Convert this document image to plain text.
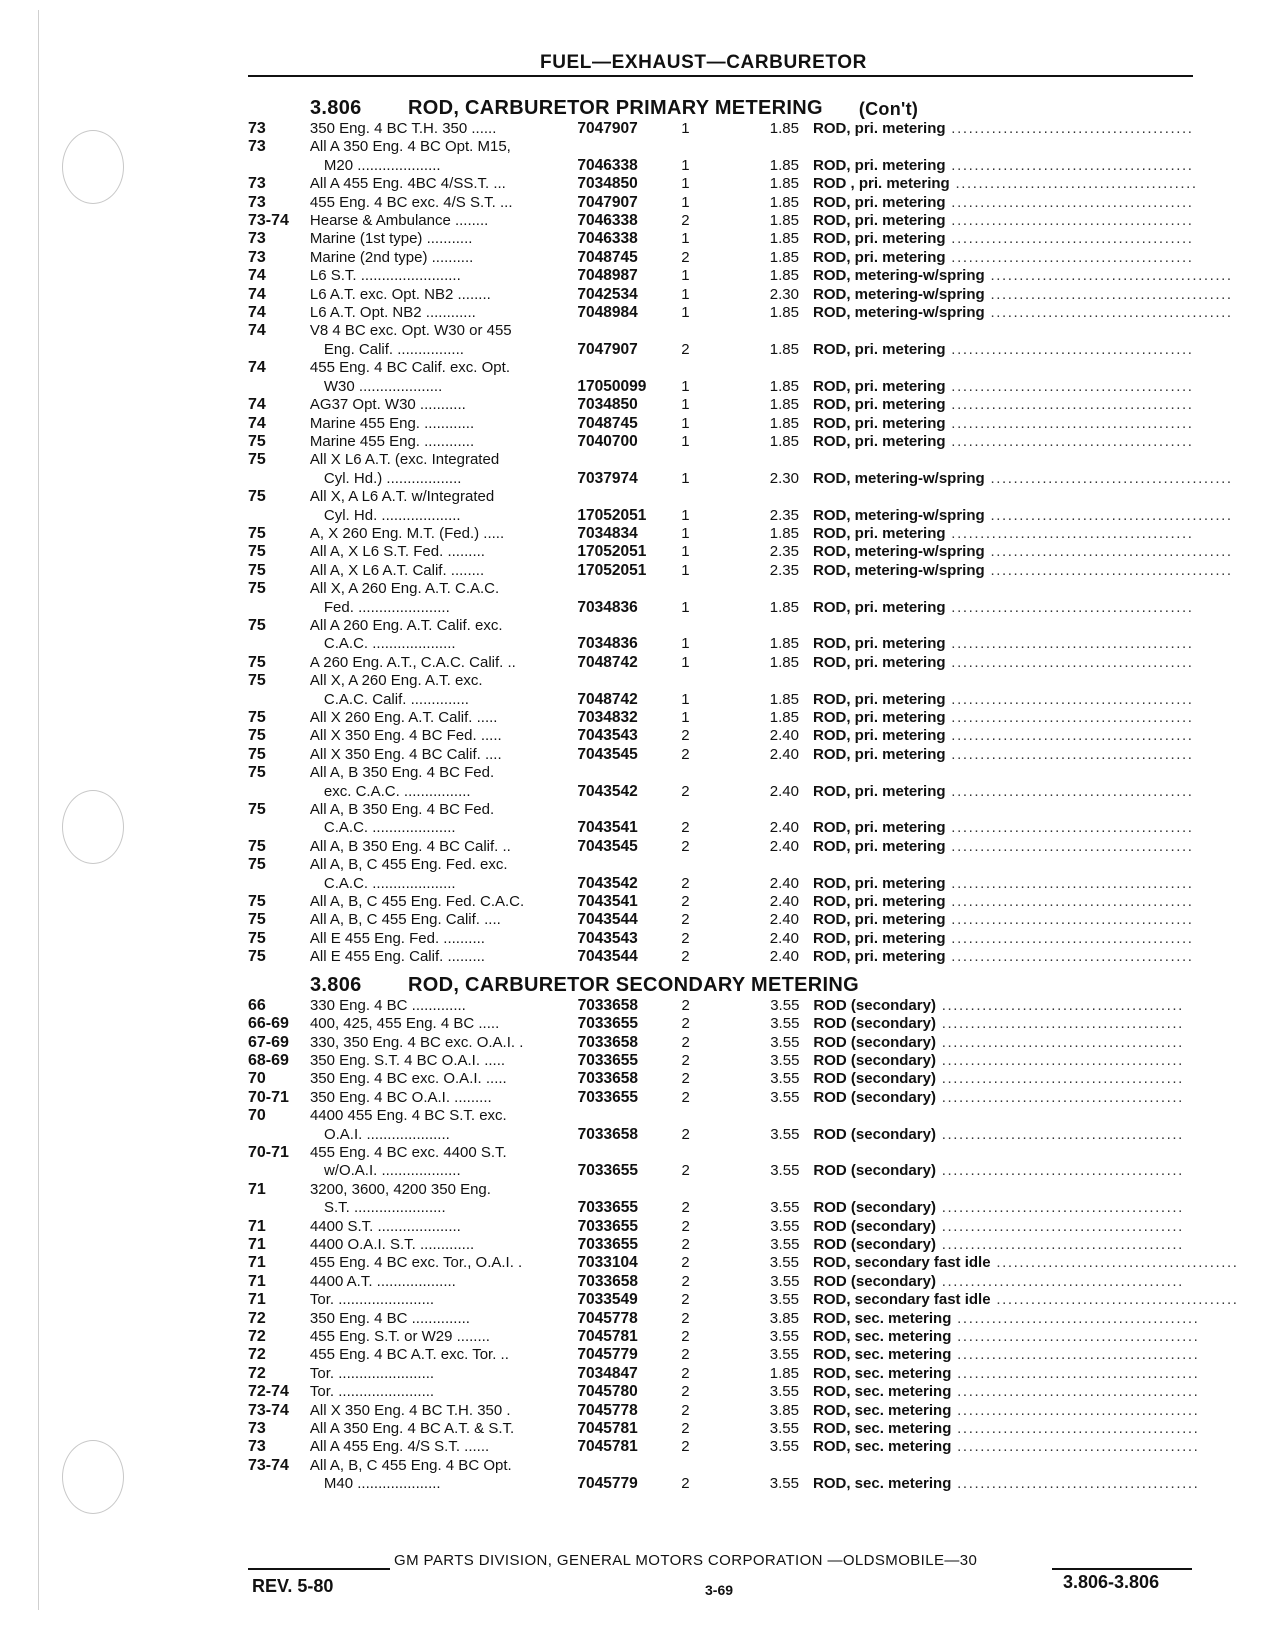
FUEL—EXHAUST—CARBURETOR
3.806	ROD, CARBURETOR PRIMARY METERING (Con't)
73	350 Eng. 4 BC T.H. 350 ......	7047907	1	1.85 ROD, pri. metering ..........................................
73	All A 350 Eng. 4 BC Opt. M15,
M20 ....................	7046338	1	1.85 ROD, pri. metering ..........................................
73	All A 455 Eng. 4BC 4/SS.T. ...	7034850	1	1.85 ROD , pri. metering ..........................................
73	455 Eng. 4 BC exc. 4/S S.T. ...	7047907	1	1.85 ROD, pri. metering ..........................................
73-74	Hearse & Ambulance ........	7046338	2	1.85 ROD, pri. metering ..........................................
73	Marine (1st type) ...........	7046338	1	1.85 ROD, pri. metering ..........................................
73	Marine (2nd type) ..........	7048745	2	1.85 ROD, pri. metering ..........................................
74	L6 S.T. ........................	7048987	1	1.85 ROD, metering-w/spring ..........................................
74	L6 A.T. exc. Opt. NB2 ........	7042534	1	2.30 ROD, metering-w/spring ..........................................
74	L6 A.T. Opt. NB2 ............	7048984	1	1.85 ROD, metering-w/spring ..........................................
74	V8 4 BC exc. Opt. W30 or 455
Eng. Calif. ................	7047907	2	1.85 ROD, pri. metering ..........................................
74	455 Eng. 4 BC Calif. exc. Opt.
W30 ....................	17050099	1	1.85 ROD, pri. metering ..........................................
74	AG37 Opt. W30 ...........	7034850	1	1.85 ROD, pri. metering ..........................................
74	Marine 455 Eng. ............	7048745	1	1.85 ROD, pri. metering ..........................................
75	Marine 455 Eng. ............	7040700	1	1.85 ROD, pri. metering ..........................................
75	All X L6 A.T. (exc. Integrated
Cyl. Hd.) ..................	7037974	1	2.30 ROD, metering-w/spring ..........................................
75	All X, A L6 A.T. w/Integrated
Cyl. Hd. ...................	17052051	1	2.35 ROD, metering-w/spring ..........................................
75	A, X 260 Eng. M.T. (Fed.) .....	7034834	1	1.85 ROD, pri. metering ..........................................
75	All A, X L6 S.T. Fed. .........	17052051	1	2.35 ROD, metering-w/spring ..........................................
75	All A, X L6 A.T. Calif. ........	17052051	1	2.35 ROD, metering-w/spring ..........................................
75	All X, A 260 Eng. A.T. C.A.C.
Fed. ......................	7034836	1	1.85 ROD, pri. metering ..........................................
75	All A 260 Eng. A.T. Calif. exc.
C.A.C. ....................	7034836	1	1.85 ROD, pri. metering ..........................................
75	A 260 Eng. A.T., C.A.C. Calif. ..	7048742	1	1.85 ROD, pri. metering ..........................................
75	All X, A 260 Eng. A.T. exc.
C.A.C. Calif. ..............	7048742	1	1.85 ROD, pri. metering ..........................................
75	All X 260 Eng. A.T. Calif. .....	7034832	1	1.85 ROD, pri. metering ..........................................
75	All X 350 Eng. 4 BC Fed. .....	7043543	2	2.40 ROD, pri. metering ..........................................
75	All X 350 Eng. 4 BC Calif. ....	7043545	2	2.40 ROD, pri. metering ..........................................
75	All A, B 350 Eng. 4 BC Fed.
exc. C.A.C. ................	7043542	2	2.40 ROD, pri. metering ..........................................
75	All A, B 350 Eng. 4 BC Fed.
C.A.C. ....................	7043541	2	2.40 ROD, pri. metering ..........................................
75	All A, B 350 Eng. 4 BC Calif. ..	7043545	2	2.40 ROD, pri. metering ..........................................
75	All A, B, C 455 Eng. Fed. exc.
C.A.C. ....................	7043542	2	2.40 ROD, pri. metering ..........................................
75	All A, B, C 455 Eng. Fed. C.A.C.	7043541	2	2.40 ROD, pri. metering ..........................................
75	All A, B, C 455 Eng. Calif. ....	7043544	2	2.40 ROD, pri. metering ..........................................
75	All E 455 Eng. Fed. ..........	7043543	2	2.40 ROD, pri. metering ..........................................
75	All E 455 Eng. Calif. .........	7043544	2	2.40 ROD, pri. metering ..........................................
3.806	ROD, CARBURETOR SECONDARY METERING
66	330 Eng. 4 BC .............	7033658	2	3.55 ROD (secondary) ..........................................
66-69	400, 425, 455 Eng. 4 BC .....	7033655	2	3.55 ROD (secondary) ..........................................
67-69	330, 350 Eng. 4 BC exc. O.A.I. .	7033658	2	3.55 ROD (secondary) ..........................................
68-69	350 Eng. S.T. 4 BC O.A.I. .....	7033655	2	3.55 ROD (secondary) ..........................................
70	350 Eng. 4 BC exc. O.A.I. .....	7033658	2	3.55 ROD (secondary) ..........................................
70-71	350 Eng. 4 BC O.A.I. .........	7033655	2	3.55 ROD (secondary) ..........................................
70	4400 455 Eng. 4 BC S.T. exc.
O.A.I. ....................	7033658	2	3.55 ROD (secondary) ..........................................
70-71	455 Eng. 4 BC exc. 4400 S.T.
w/O.A.I. ...................	7033655	2	3.55 ROD (secondary) ..........................................
71	3200, 3600, 4200 350 Eng.
S.T. ......................	7033655	2	3.55 ROD (secondary) ..........................................
71	4400 S.T. ....................	7033655	2	3.55 ROD (secondary) ..........................................
71	4400 O.A.I. S.T. .............	7033655	2	3.55 ROD (secondary) ..........................................
71	455 Eng. 4 BC exc. Tor., O.A.I. .	7033104	2	3.55 ROD, secondary fast idle ..........................................
71	4400 A.T. ...................	7033658	2	3.55 ROD (secondary) ..........................................
71	Tor. .......................	7033549	2	3.55 ROD, secondary fast idle ..........................................
72	350 Eng. 4 BC ..............	7045778	2	3.85 ROD, sec. metering ..........................................
72	455 Eng. S.T. or W29 ........	7045781	2	3.55 ROD, sec. metering ..........................................
72	455 Eng. 4 BC A.T. exc. Tor. ..	7045779	2	3.55 ROD, sec. metering ..........................................
72	Tor. .......................	7034847	2	1.85 ROD, sec. metering ..........................................
72-74	Tor. .......................	7045780	2	3.55 ROD, sec. metering ..........................................
73-74	All X 350 Eng. 4 BC T.H. 350 .	7045778	2	3.85 ROD, sec. metering ..........................................
73	All A 350 Eng. 4 BC A.T. & S.T.	7045781	2	3.55 ROD, sec. metering ..........................................
73	All A 455 Eng. 4/S S.T. ......	7045781	2	3.55 ROD, sec. metering ..........................................
73-74	All A, B, C 455 Eng. 4 BC Opt.
M40 ....................	7045779	2	3.55 ROD, sec. metering ..........................................
GM PARTS DIVISION, GENERAL MOTORS CORPORATION —OLDSMOBILE—30
REV. 5-80	3-69	3.806-3.806
